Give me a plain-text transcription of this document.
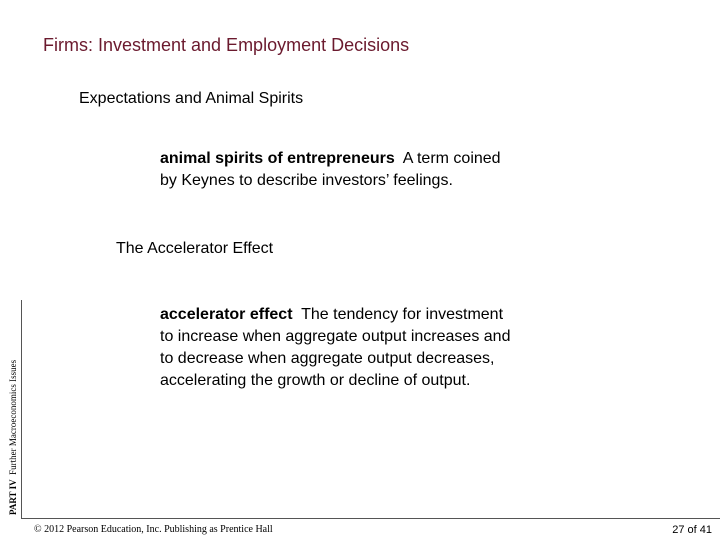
Firms: Investment and Employment Decisions
Expectations and Animal Spirits
animal spirits of entrepreneurs A term coined
by Keynes to describe investors’ feelings.
The Accelerator Effect
accelerator effect The tendency for investment
to increase when aggregate output increases and
to decrease when aggregate output decreases,
accelerating the growth or decline of output.
PART IV  Further Macroeconomics Issues
© 2012 Pearson Education, Inc. Publishing as Prentice Hall	27 of 41
